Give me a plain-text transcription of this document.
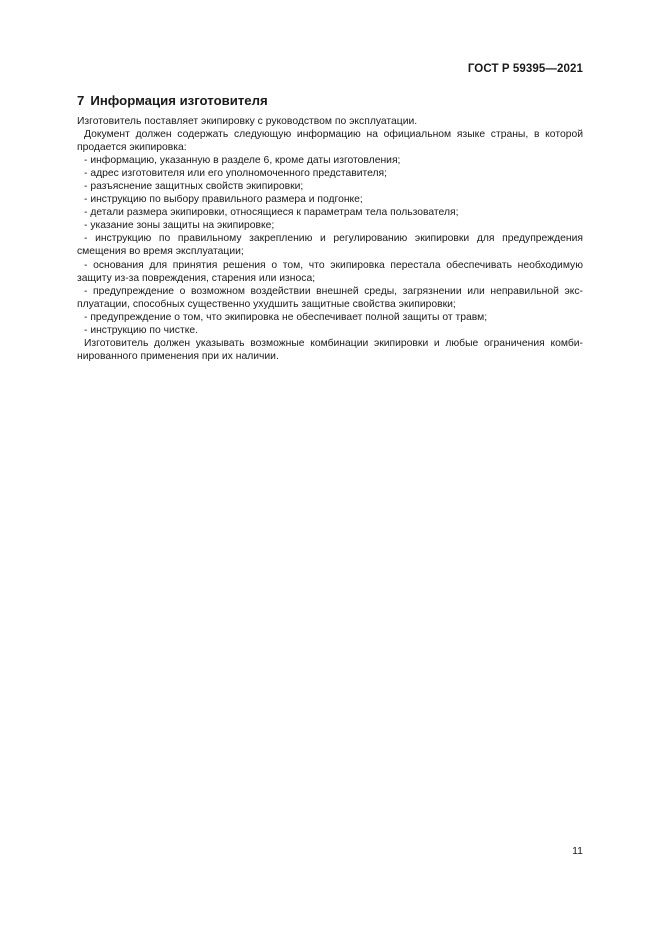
ГОСТ Р 59395—2021
7 Информация изготовителя
Изготовитель поставляет экипировку с руководством по эксплуатации.
Документ должен содержать следующую информацию на официальном языке страны, в которой
продается экипировка:
- информацию, указанную в разделе 6, кроме даты изготовления;
- адрес изготовителя или его уполномоченного представителя;
- разъяснение защитных свойств экипировки;
- инструкцию по выбору правильного размера и подгонке;
- детали размера экипировки, относящиеся к параметрам тела пользователя;
- указание зоны защиты на экипировке;
- инструкцию по правильному закреплению и регулированию экипировки для предупреждения
смещения во время эксплуатации;
- основания для принятия решения о том, что экипировка перестала обеспечивать необходимую
защиту из-за повреждения, старения или износа;
- предупреждение о возможном воздействии внешней среды, загрязнении или неправильной экс-
плуатации, способных существенно ухудшить защитные свойства экипировки;
- предупреждение о том, что экипировка не обеспечивает полной защиты от травм;
- инструкцию по чистке.
Изготовитель должен указывать возможные комбинации экипировки и любые ограничения комби-
нированного применения при их наличии.
11
